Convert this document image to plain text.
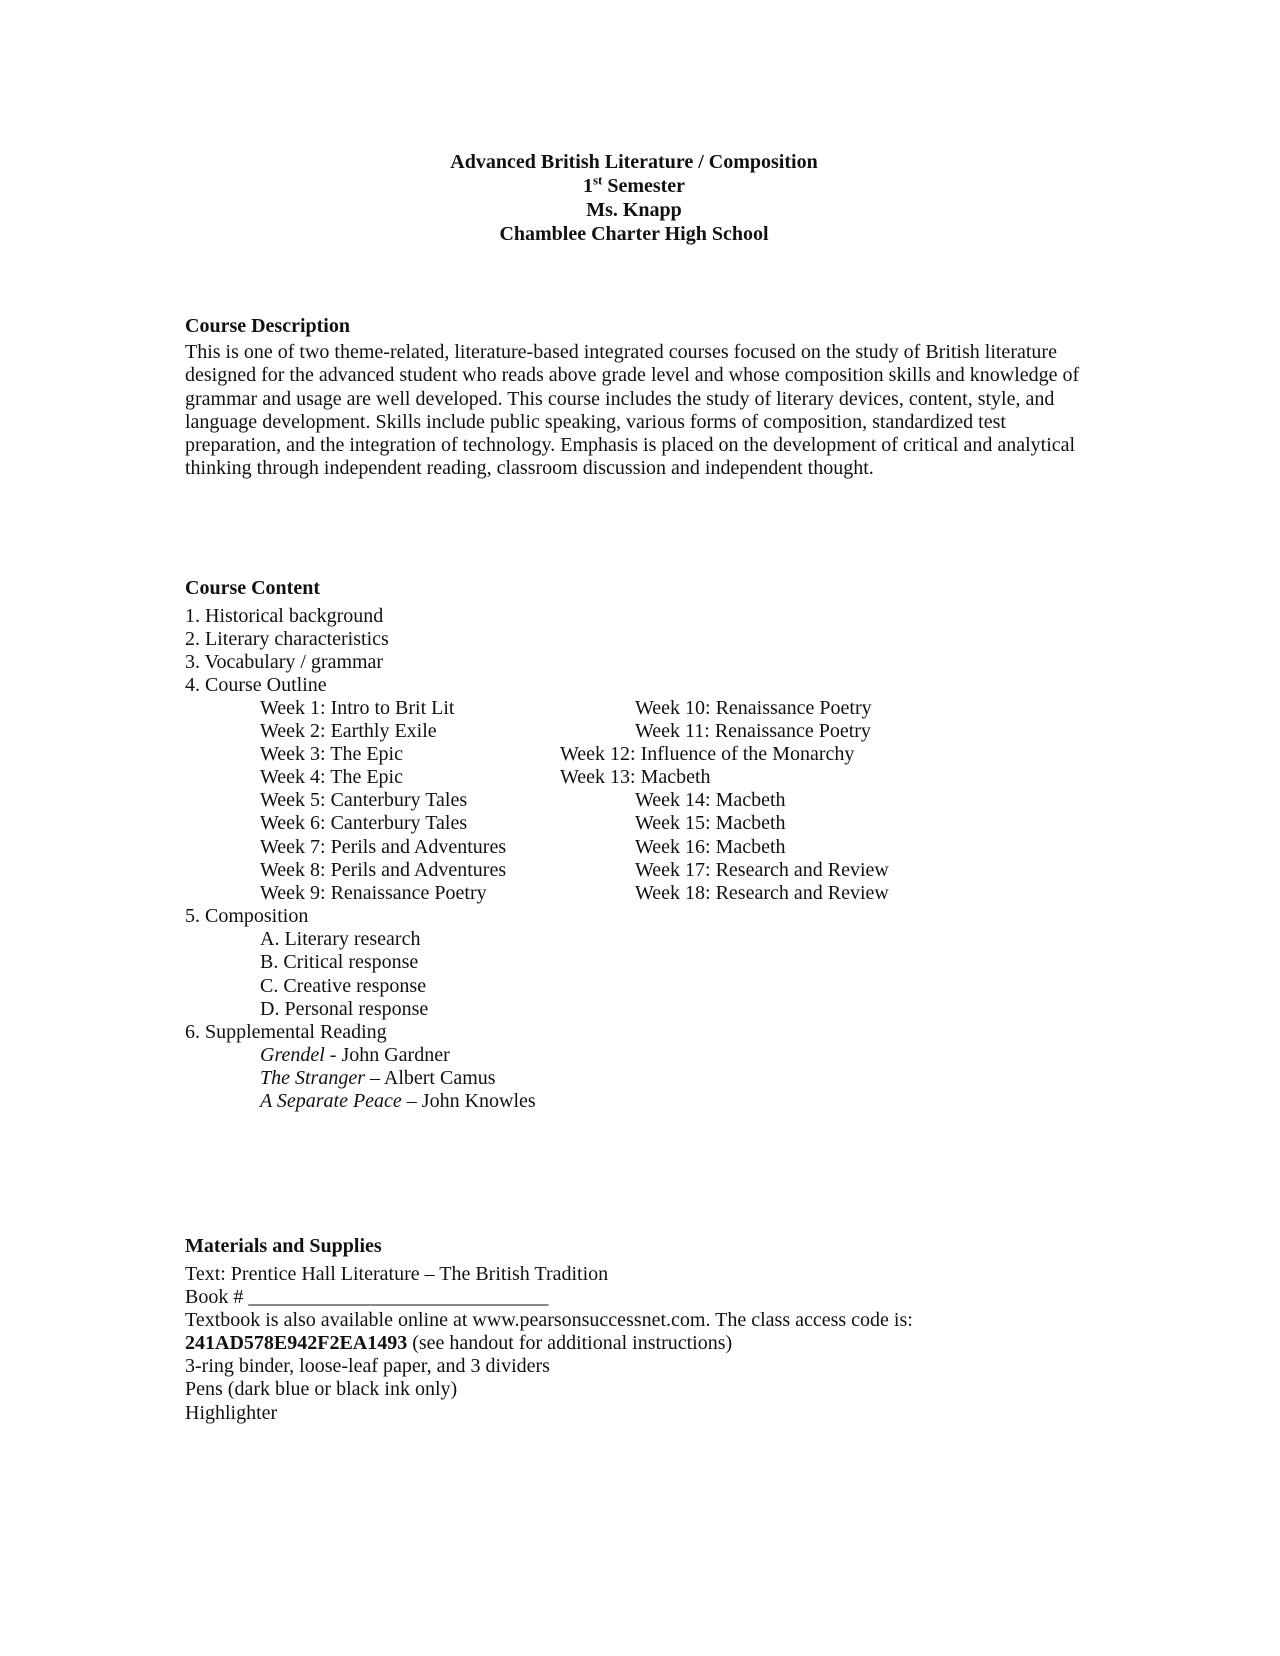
Advanced British Literature / Composition
1st Semester
Ms. Knapp
Chamblee Charter High School
Course Description
This is one of two theme-related, literature-based integrated courses focused on the study of British literature designed for the advanced student who reads above grade level and whose composition skills and knowledge of grammar and usage are well developed. This course includes the study of literary devices, content, style, and language development. Skills include public speaking, various forms of composition, standardized test preparation, and the integration of technology. Emphasis is placed on the development of critical and analytical thinking through independent reading, classroom discussion and independent thought.
Course Content
1. Historical background
2. Literary characteristics
3. Vocabulary / grammar
4. Course Outline
Week 1: Intro to Brit Lit
Week 2: Earthly Exile
Week 3: The Epic
Week 4: The Epic
Week 5: Canterbury Tales
Week 6: Canterbury Tales
Week 7: Perils and Adventures
Week 8: Perils and Adventures
Week 9: Renaissance Poetry
Week 10: Renaissance Poetry
Week 11: Renaissance Poetry
Week 12: Influence of the Monarchy
Week 13: Macbeth
Week 14: Macbeth
Week 15: Macbeth
Week 16: Macbeth
Week 17: Research and Review
Week 18: Research and Review
5. Composition
A. Literary research
B. Critical response
C. Creative response
D. Personal response
6. Supplemental Reading
Grendel - John Gardner
The Stranger – Albert Camus
A Separate Peace – John Knowles
Materials and Supplies
Text: Prentice Hall Literature – The British Tradition
Book # ______________________________
Textbook is also available online at www.pearsonsuccessnet.com. The class access code is:
241AD578E942F2EA1493 (see handout for additional instructions)
3-ring binder, loose-leaf paper, and 3 dividers
Pens (dark blue or black ink only)
Highlighter
